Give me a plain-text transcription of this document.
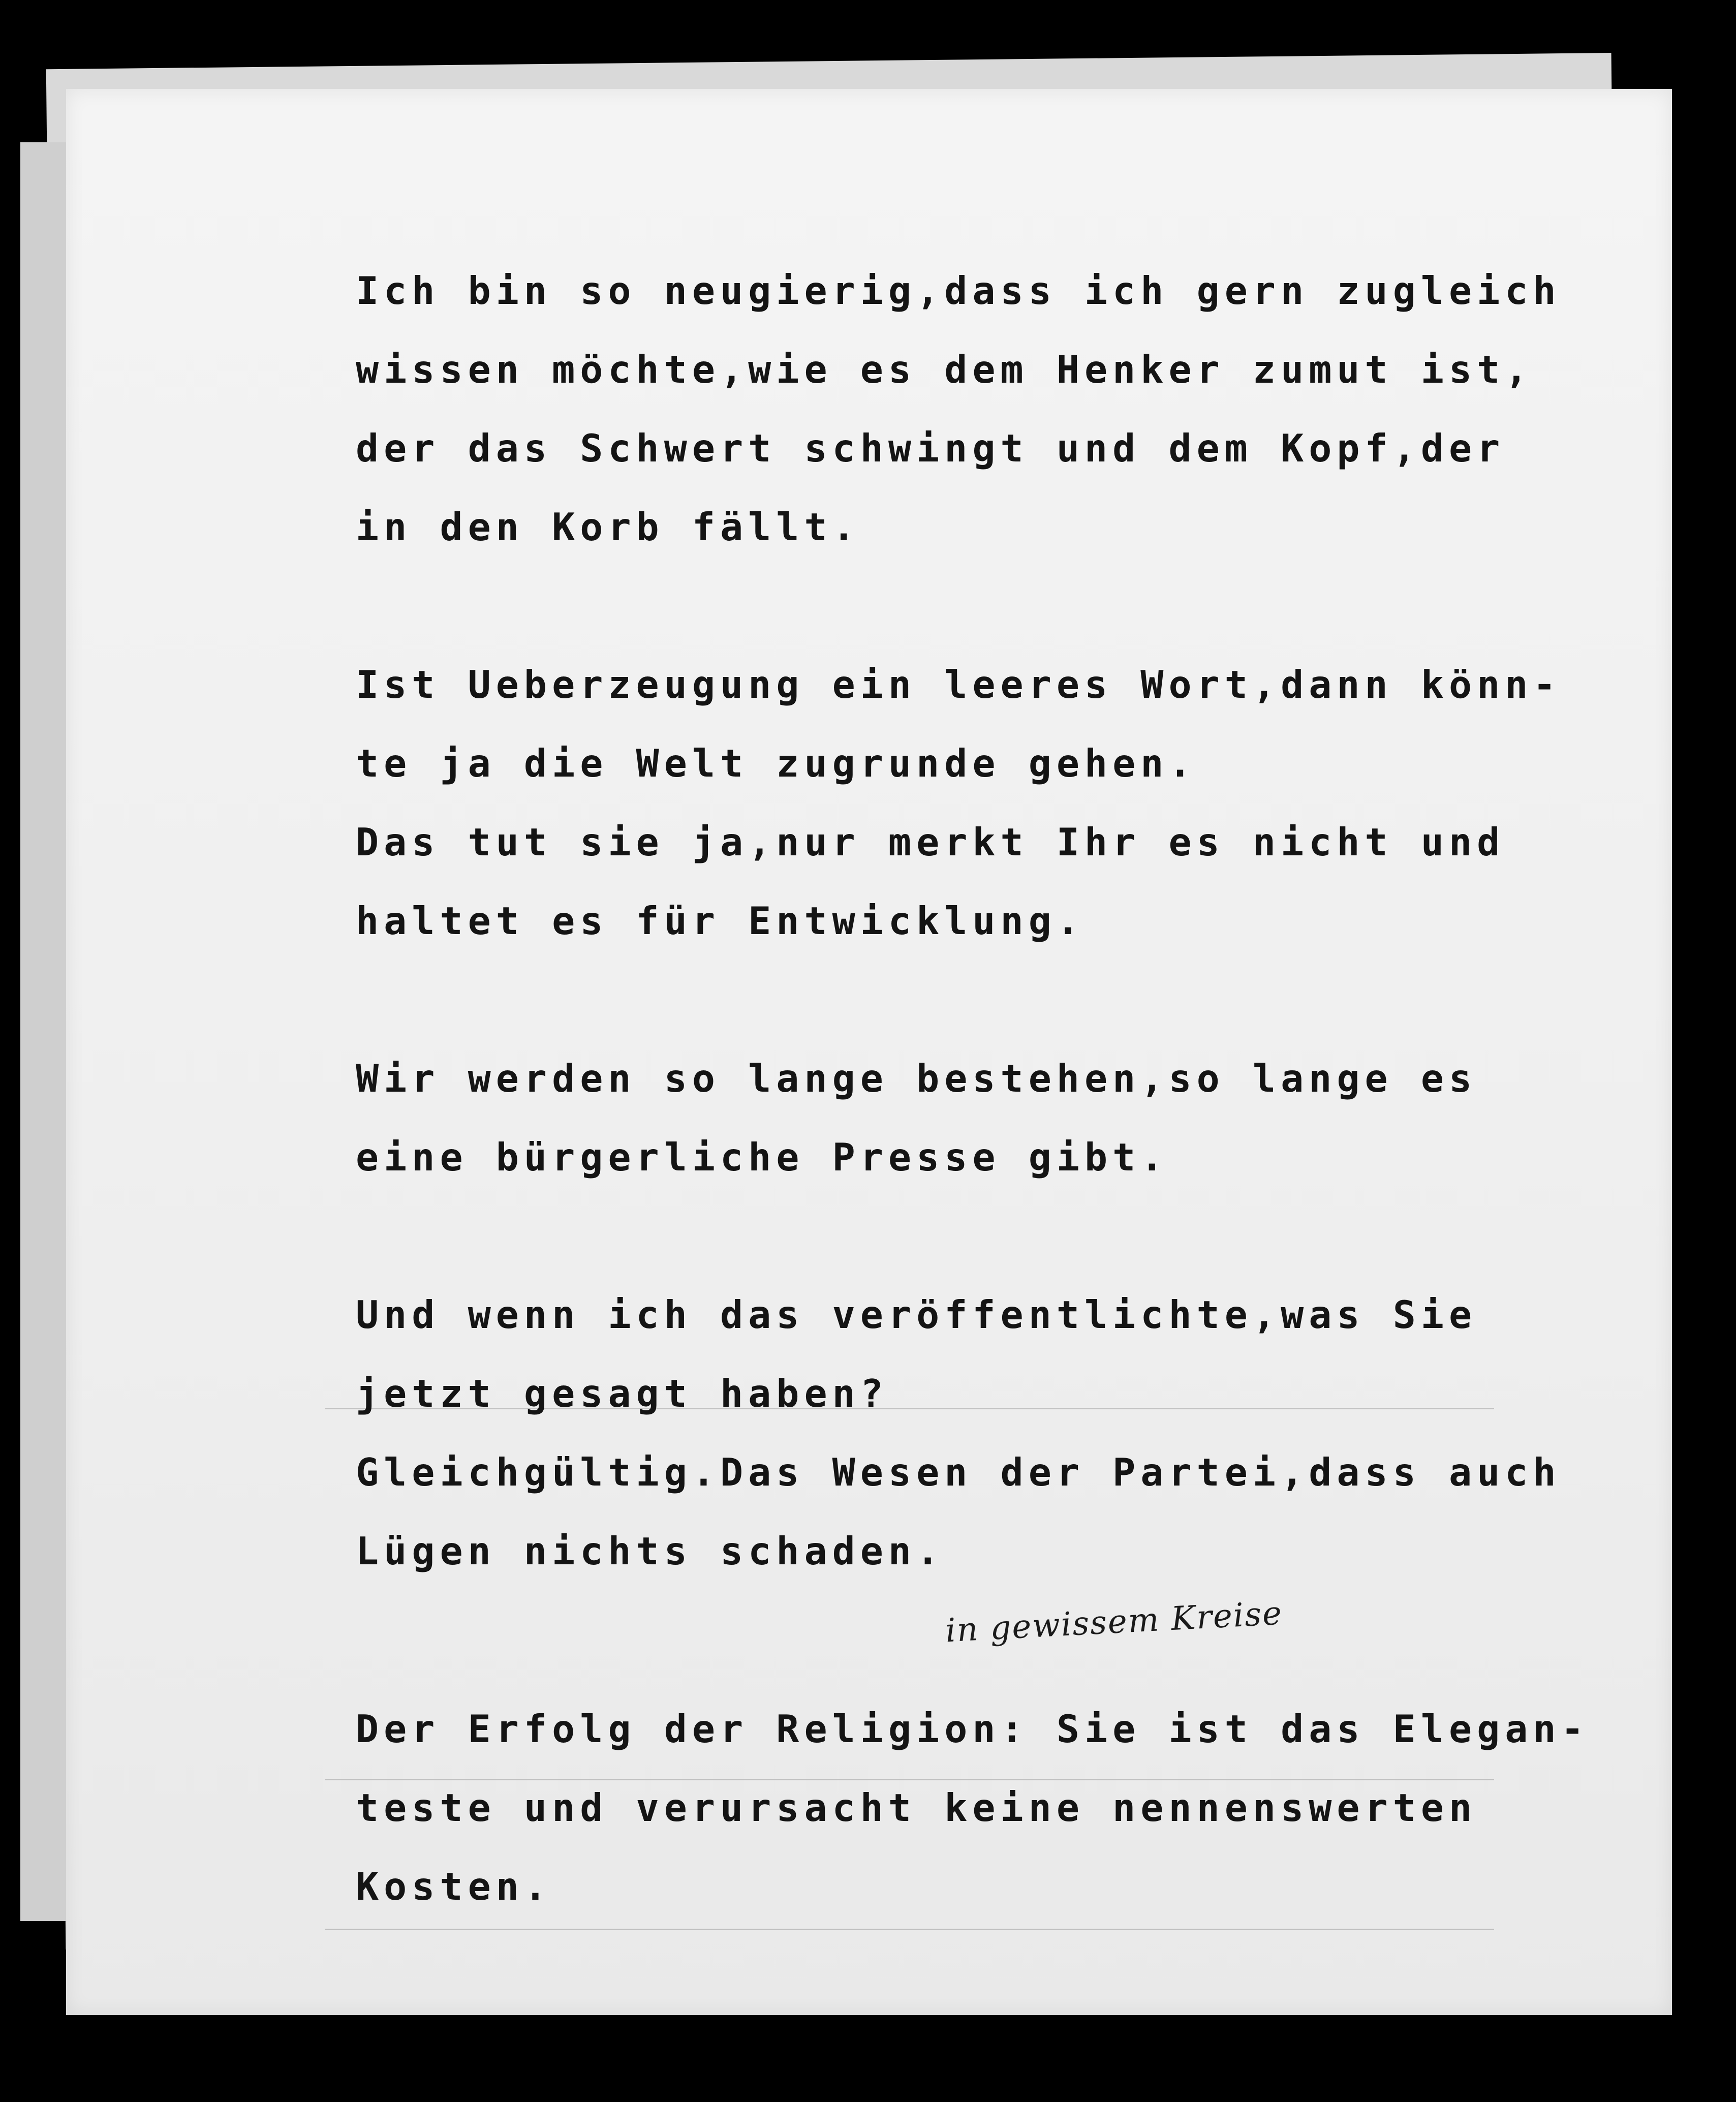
Ich bin so neugierig,dass ich gern zugleich
wissen möchte,wie es dem Henker zumut ist,
der das Schwert schwingt und dem Kopf,der
in den Korb fällt.
Ist Ueberzeugung ein leeres Wort,dann könn-
te ja die Welt zugrunde gehen.
Das tut sie ja,nur merkt Ihr es nicht und
haltet es für Entwicklung.
Wir werden so lange bestehen,so lange es
eine bürgerliche Presse gibt.
Und wenn ich das veröffentlichte,was Sie
jetzt gesagt haben?
Gleichgültig.Das Wesen der Partei,dass auch
Lügen nichts schaden.
Der Erfolg der Religion: Sie ist das Elegan-
teste und verursacht keine nennenswerten
Kosten.
in gewissem Kreise
